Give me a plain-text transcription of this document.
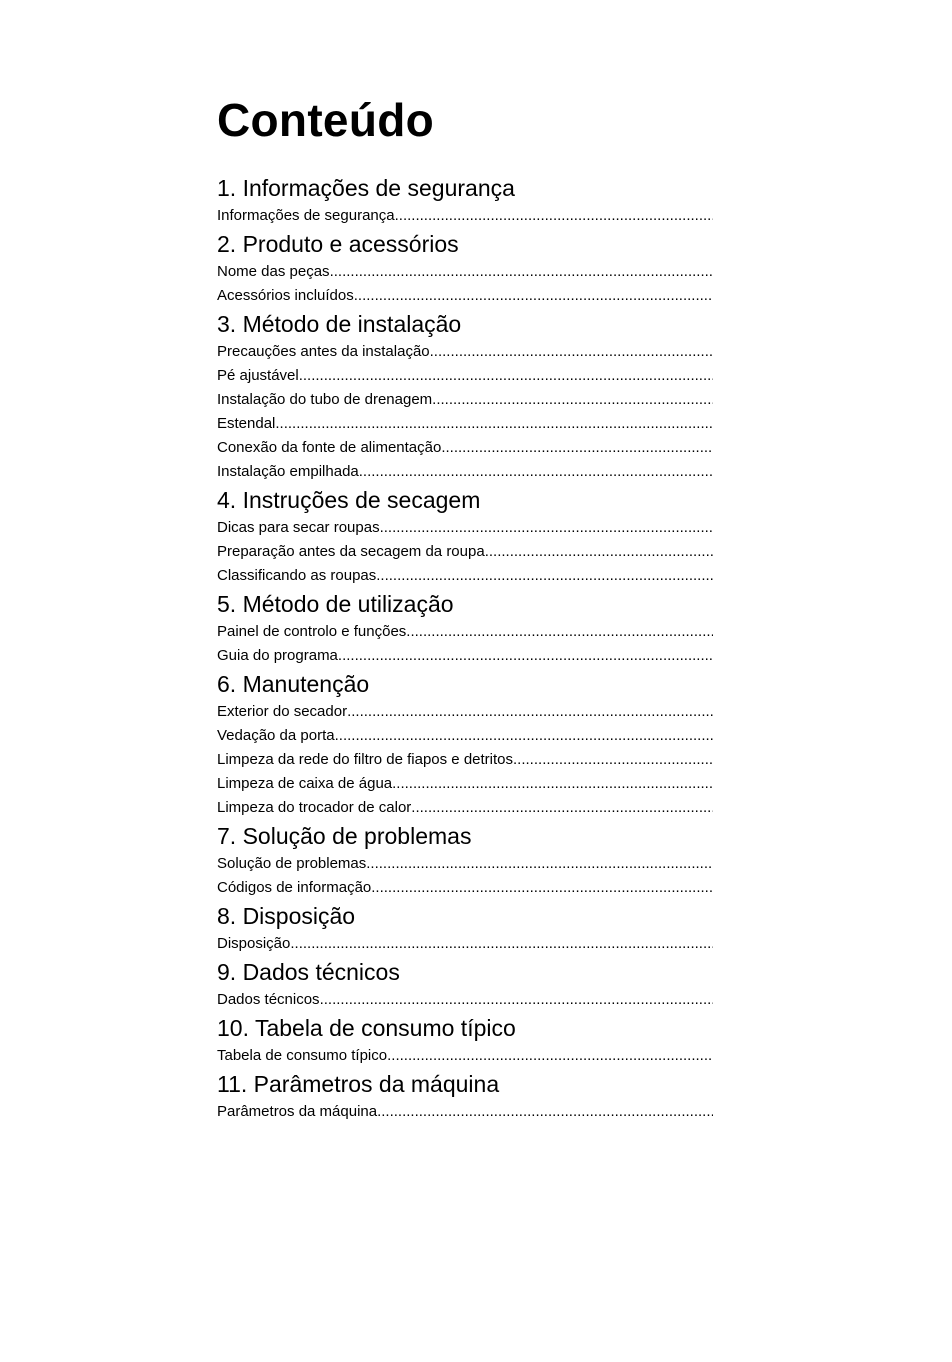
Conteúdo
1. Informações de segurança
Informações de segurança
.....
2. Produto e acessórios
Nome das peças
.....
Acessórios incluídos
.....
3. Método de instalação
Precauções antes da instalação
.....
Pé ajustável
.....
Instalação do tubo de drenagem
.....
Estendal
.....
Conexão da fonte de alimentação
.....
Instalação empilhada
.....
4. Instruções de secagem
Dicas para secar roupas
.....
Preparação antes da secagem da roupa
.....
Classificando as roupas
.....
5. Método de utilização
Painel de controlo e funções
.....
Guia do programa
.....
6. Manutenção
Exterior do secador
.....
Vedação da porta
.....
Limpeza da rede do filtro de fiapos e detritos
.....
Limpeza de caixa de água
.....
Limpeza do trocador de calor
.....
7. Solução de problemas
Solução de problemas
.....
Códigos de informação
.....
8. Disposição
Disposição
.....
9. Dados técnicos
Dados técnicos
.....
10. Tabela de consumo típico
Tabela de consumo típico
.....
11. Parâmetros da máquina
Parâmetros da máquina
.....
